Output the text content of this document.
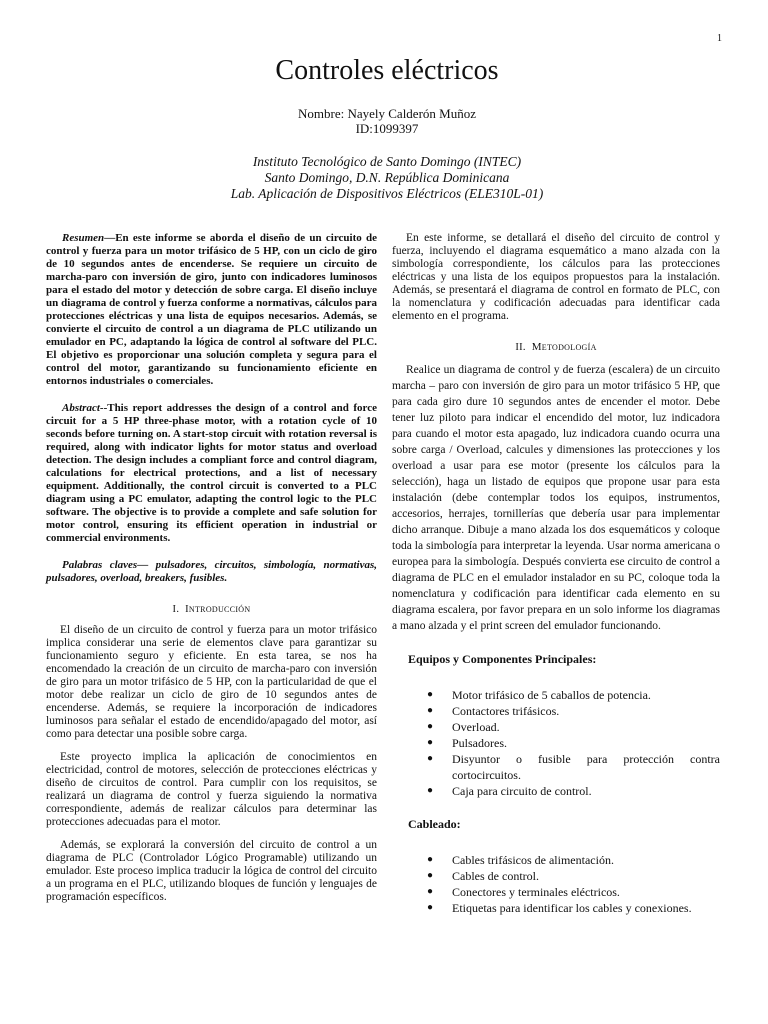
1
Controles eléctricos
Nombre: Nayely Calderón Muñoz
ID:1099397
Instituto Tecnológico de Santo Domingo (INTEC)
Santo Domingo, D.N. República Dominicana
Lab. Aplicación de Dispositivos Eléctricos (ELE310L-01)

Resumen—En este informe se aborda el diseño de un circuito de control y fuerza para un motor trifásico de 5 HP, con un ciclo de giro de 10 segundos antes de encenderse. Se requiere un circuito de marcha-paro con inversión de giro, junto con indicadores luminosos para el estado del motor y detección de sobre carga. El diseño incluye un diagrama de control y fuerza conforme a normativas, cálculos para protecciones eléctricas y una lista de equipos necesarios. Además, se convierte el circuito de control a un diagrama de PLC utilizando un emulador en PC, adaptando la lógica de control al software del PLC. El objetivo es proporcionar una solución completa y segura para el control del motor, garantizando su funcionamiento eficiente en entornos industriales o comerciales.

Abstract--This report addresses the design of a control and force circuit for a 5 HP three-phase motor, with a rotation cycle of 10 seconds before turning on. A start-stop circuit with rotation reversal is required, along with indicator lights for motor status and overload detection. The design includes a compliant force and control diagram, calculations for electrical protections, and a list of necessary equipment. Additionally, the control circuit is converted to a PLC diagram using a PC emulator, adapting the control logic to the PLC software. The objective is to provide a complete and safe solution for motor control, ensuring its efficient operation in industrial or commercial environments.

Palabras claves— pulsadores, circuitos, simbología, normativas, pulsadores, overload, breakers, fusibles.

I. Introducción

El diseño de un circuito de control y fuerza para un motor trifásico implica considerar una serie de elementos clave para garantizar su funcionamiento seguro y eficiente. En esta tarea, se nos ha encomendado la creación de un circuito de marcha-paro con inversión de giro para un motor trifásico de 5 HP, con la particularidad de que el motor debe realizar un ciclo de giro de 10 segundos antes de encenderse. Además, se requiere la incorporación de indicadores luminosos para señalar el estado de encendido/apagado del motor, así como para detectar una posible sobre carga.

Este proyecto implica la aplicación de conocimientos en electricidad, control de motores, selección de protecciones eléctricas y diseño de circuitos de control. Para cumplir con los requisitos, se realizará un diagrama de control y fuerza siguiendo la normativa correspondiente, además de realizar cálculos para determinar las protecciones adecuadas para el motor.

Además, se explorará la conversión del circuito de control a un diagrama de PLC (Controlador Lógico Programable) utilizando un emulador. Este proceso implica traducir la lógica de control del circuito a un programa en el PLC, utilizando bloques de función y lenguajes de programación específicos.

En este informe, se detallará el diseño del circuito de control y fuerza, incluyendo el diagrama esquemático a mano alzada con la simbología correspondiente, los cálculos para las protecciones eléctricas y una lista de los equipos propuestos para la instalación. Además, se presentará el diagrama de control en formato de PLC, con la nomenclatura y codificación adecuadas para identificar cada elemento en el programa.

II. Metodología

Realice un diagrama de control y de fuerza (escalera) de un circuito marcha – paro con inversión de giro para un motor trifásico 5 HP, que para cada giro dure 10 segundos antes de encender el motor. Debe tener luz piloto para indicar el encendido del motor, luz indicadora para cuando el motor esta apagado, luz indicadora cuando ocurra una sobre carga / Overload, calcules y dimensiones las protecciones y los overload a usar para ese motor (presente los cálculos para la selección), haga un listado de equipos que propone usar para esta instalación (debe contemplar todos los equipos, instrumentos, accesorios, herrajes, tornillerías que debería usar para implementar dicho arranque. Dibuje a mano alzada los dos esquemáticos y coloque toda la simbología para interpretar la leyenda. Usar norma americana o europea para la simbología. Después convierta ese circuito de control a diagrama de PLC en el emulador instalador en su PC, coloque toda la nomenclatura y codificación para identificar cada elemento en su diagrama escalera, por favor prepara en un solo informe los diagramas a mano alzada y el print screen del emulador funcionando.

Equipos y Componentes Principales:
● Motor trifásico de 5 caballos de potencia.
● Contactores trifásicos.
● Overload.
● Pulsadores.
● Disyuntor o fusible para protección contra cortocircuitos.
● Caja para circuito de control.
Cableado:
● Cables trifásicos de alimentación.
● Cables de control.
● Conectores y terminales eléctricos.
● Etiquetas para identificar los cables y conexiones.
